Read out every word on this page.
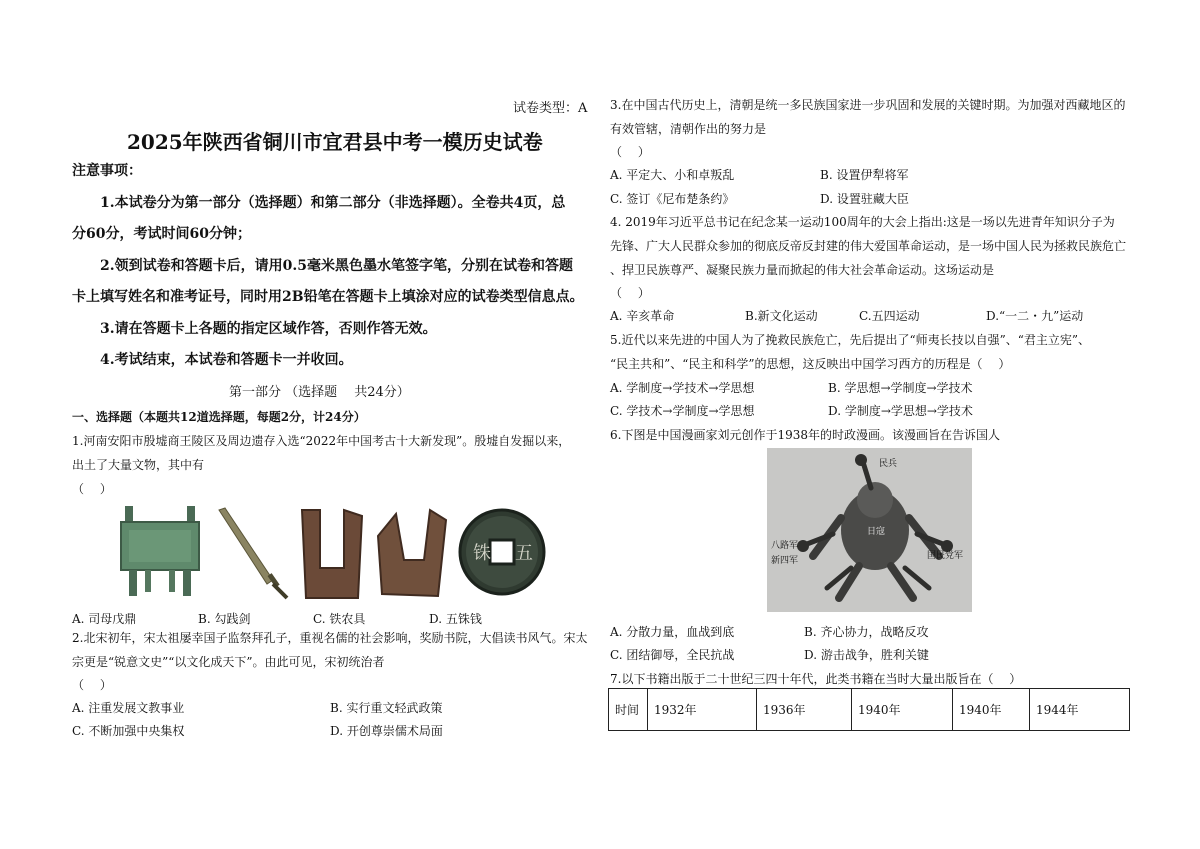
试卷类型：A
2025年陕西省铜川市宜君县中考一模历史试卷
注意事项：
1.本试卷分为第一部分（选择题）和第二部分（非选择题）。全卷共4页，总
分60分，考试时间60分钟；
2.领到试卷和答题卡后，请用0.5毫米黑色墨水笔签字笔，分别在试卷和答题
卡上填写姓名和准考证号，同时用2B铅笔在答题卡上填涂对应的试卷类型信息点。
3.请在答题卡上各题的指定区域作答，否则作答无效。
4.考试结束，本试卷和答题卡一并收回。
第一部分 （选择题　 共24分）
一、选择题（本题共12道选择题，每题2分，计24分）
1.河南安阳市殷墟商王陵区及周边遗存入选“2022年中国考古十大新发现”。殷墟自发掘以来，
出土了大量文物，其中有
（　 ）
铢 五
A. 司母戊鼎	B. 勾践剑	C. 铁农具	D. 五铢钱
2.北宋初年，宋太祖屡幸国子监祭拜孔子，重视名儒的社会影响，奖励书院，大倡读书风气。宋太
宗更是“锐意文史”“以文化成天下”。由此可见，宋初统治者
（　 ）
A. 注重发展文教事业	B. 实行重文轻武政策
C. 不断加强中央集权	D. 开创尊崇儒术局面
3.在中国古代历史上，清朝是统一多民族国家进一步巩固和发展的关键时期。为加强对西藏地区的
有效管辖，清朝作出的努力是
（　 ）
A. 平定大、小和卓叛乱	B. 设置伊犁将军
C. 签订《尼布楚条约》	D. 设置驻藏大臣
4. 2019年习近平总书记在纪念某一运动100周年的大会上指出:这是一场以先进青年知识分子为
先锋、广大人民群众参加的彻底反帝反封建的伟大爱国革命运动，是一场中国人民为拯救民族危亡
、捍卫民族尊严、凝聚民族力量而掀起的伟大社会革命运动。这场运动是
（　 ）
A. 辛亥革命	B.新文化运动	C.五四运动	D.“一二・九”运动
5.近代以来先进的中国人为了挽救民族危亡，先后提出了“师夷长技以自强”、“君主立宪”、
“民主共和”、“民主和科学”的思想，这反映出中国学习西方的历程是（　 ）
A. 学制度→学技术→学思想	B. 学思想→学制度→学技术
C. 学技术→学制度→学思想	D. 学制度→学思想→学技术
6.下图是中国漫画家刘元创作于1938年的时政漫画。该漫画旨在告诉国人
民兵
日寇
八路军
新四军	国民党军
A. 分散力量，血战到底	B. 齐心协力，战略反攻
C. 团结御辱，全民抗战	D. 游击战争，胜利关键
7.以下书籍出版于二十世纪三四十年代，此类书籍在当时大量出版旨在（　 ）
时间	1932年	1936年	1940年	1940年	1944年
